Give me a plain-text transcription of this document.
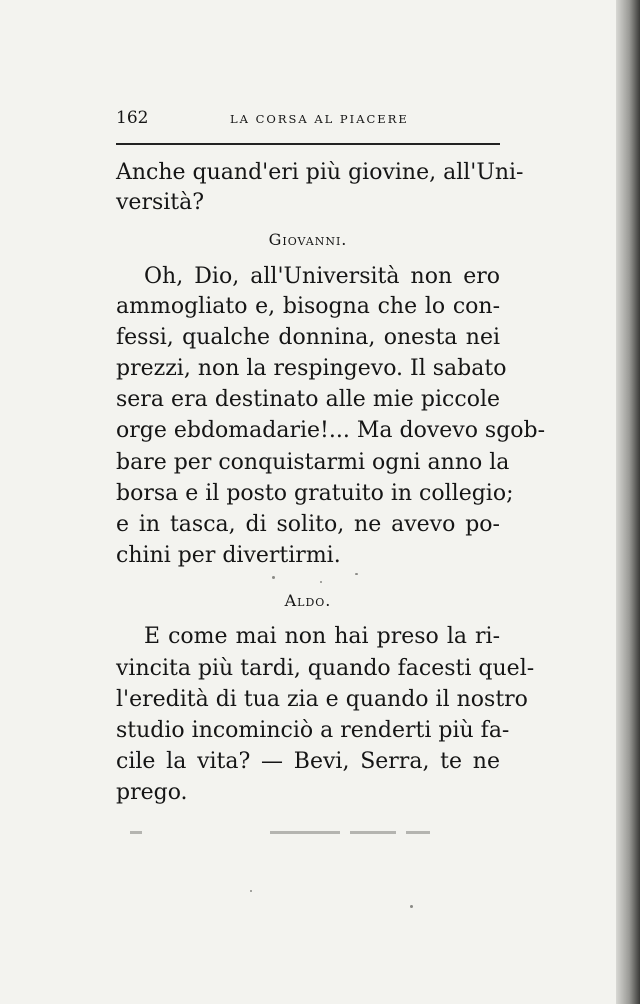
162	LA CORSA AL PIACERE
Anche quand'eri più giovine, all'Uni-
versità?
Giovanni.
Oh, Dio, all'Università non ero
ammogliato e, bisogna che lo con-
fessi, qualche donnina, onesta nei
prezzi, non la respingevo. Il sabato
sera era destinato alle mie piccole
orge ebdomadarie!... Ma dovevo sgob-
bare per conquistarmi ogni anno la
borsa e il posto gratuito in collegio;
e in tasca, di solito, ne avevo po-
chini per divertirmi.
Aldo.
E come mai non hai preso la ri-
vincita più tardi, quando facesti quel-
l'eredità di tua zia e quando il nostro
studio incominciò a renderti più fa-
cile la vita? — Bevi, Serra, te ne
prego.
